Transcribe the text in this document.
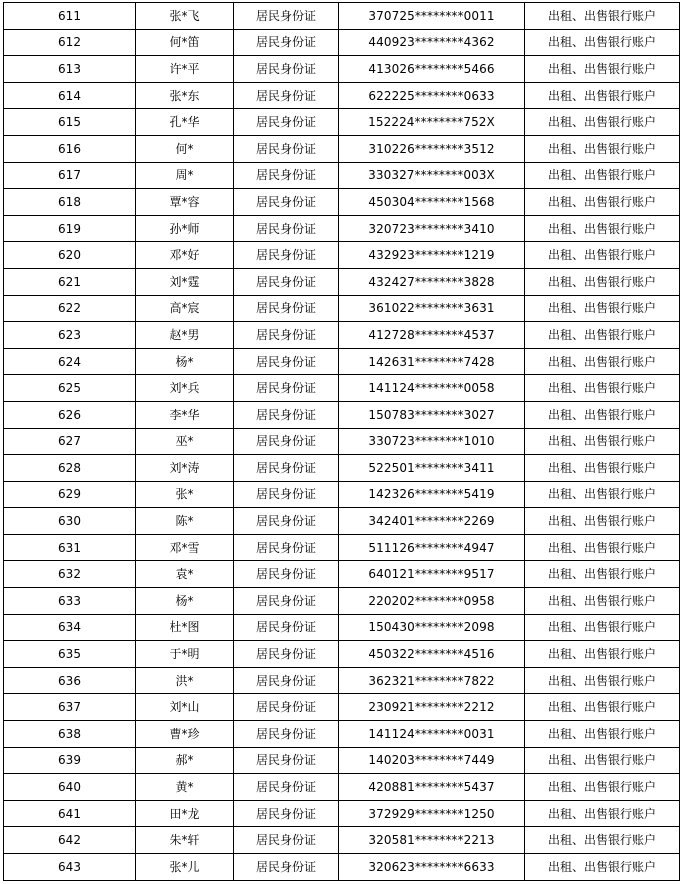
611	张*飞	居民身份证	370725********0011	出租、出售银行账户
612	何*笛	居民身份证	440923********4362	出租、出售银行账户
613	许*平	居民身份证	413026********5466	出租、出售银行账户
614	张*东	居民身份证	622225********0633	出租、出售银行账户
615	孔*华	居民身份证	152224********752X	出租、出售银行账户
616	何*	居民身份证	310226********3512	出租、出售银行账户
617	周*	居民身份证	330327********003X	出租、出售银行账户
618	覃*容	居民身份证	450304********1568	出租、出售银行账户
619	孙*师	居民身份证	320723********3410	出租、出售银行账户
620	邓*好	居民身份证	432923********1219	出租、出售银行账户
621	刘*霆	居民身份证	432427********3828	出租、出售银行账户
622	高*宸	居民身份证	361022********3631	出租、出售银行账户
623	赵*男	居民身份证	412728********4537	出租、出售银行账户
624	杨*	居民身份证	142631********7428	出租、出售银行账户
625	刘*兵	居民身份证	141124********0058	出租、出售银行账户
626	李*华	居民身份证	150783********3027	出租、出售银行账户
627	巫*	居民身份证	330723********1010	出租、出售银行账户
628	刘*涛	居民身份证	522501********3411	出租、出售银行账户
629	张*	居民身份证	142326********5419	出租、出售银行账户
630	陈*	居民身份证	342401********2269	出租、出售银行账户
631	邓*雪	居民身份证	511126********4947	出租、出售银行账户
632	袁*	居民身份证	640121********9517	出租、出售银行账户
633	杨*	居民身份证	220202********0958	出租、出售银行账户
634	杜*图	居民身份证	150430********2098	出租、出售银行账户
635	于*明	居民身份证	450322********4516	出租、出售银行账户
636	洪*	居民身份证	362321********7822	出租、出售银行账户
637	刘*山	居民身份证	230921********2212	出租、出售银行账户
638	曹*珍	居民身份证	141124********0031	出租、出售银行账户
639	郝*	居民身份证	140203********7449	出租、出售银行账户
640	黄*	居民身份证	420881********5437	出租、出售银行账户
641	田*龙	居民身份证	372929********1250	出租、出售银行账户
642	朱*轩	居民身份证	320581********2213	出租、出售银行账户
643	张*儿	居民身份证	320623********6633	出租、出售银行账户
